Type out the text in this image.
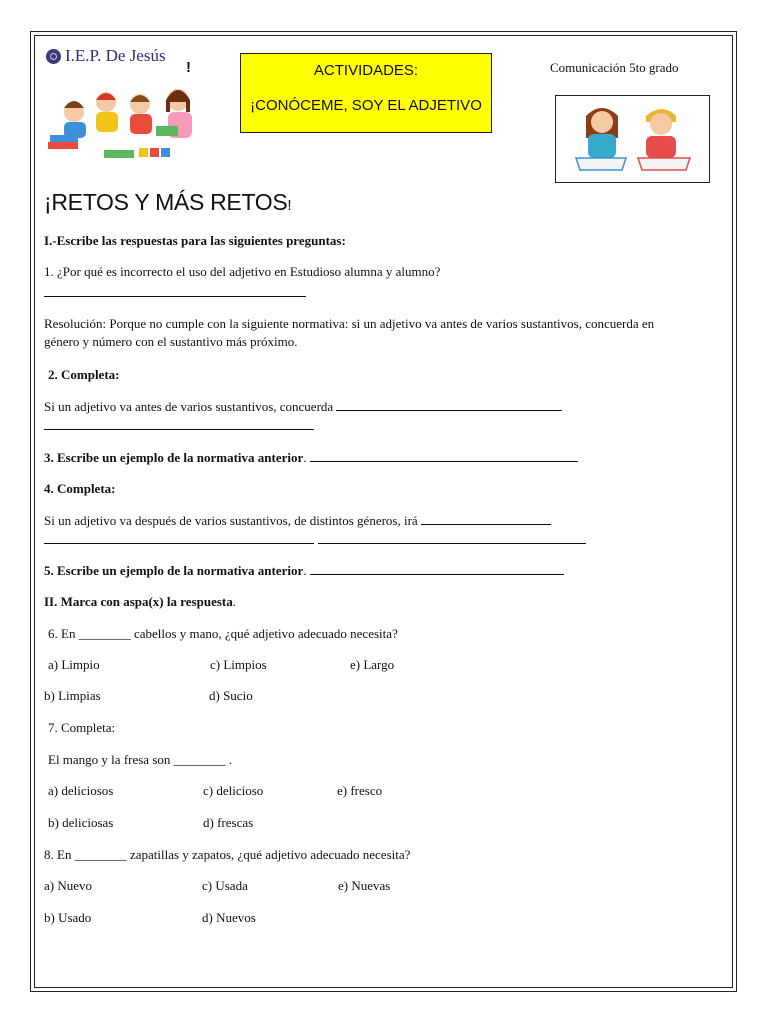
I.E.P. De Jesús
!	ACTIVIDADES:
¡CONÓCEME, SOY EL ADJETIVO
Comunicación 5to grado
¡RETOS Y MÁS RETOS!
I.-Escribe las respuestas para las siguientes preguntas:
1. ¿Por qué es incorrecto el uso del adjetivo en Estudioso alumna y alumno?
Resolución: Porque no cumple con la siguiente normativa: si un adjetivo va antes de varios sustantivos, concuerda en
género y número con el sustantivo más próximo.
2. Completa:
Si un adjetivo va antes de varios sustantivos, concuerda
3. Escribe un ejemplo de la normativa anterior.
4. Completa:
Si un adjetivo va después de varios sustantivos, de distintos géneros, irá
5. Escribe un ejemplo de la normativa anterior.
II. Marca con aspa(x) la respuesta.
6. En ________ cabellos y mano, ¿qué adjetivo adecuado necesita?
a) Limpio	c) Limpios	e) Largo
b) Limpias	d) Sucio
7. Completa:
El mango y la fresa son ________ .
a) deliciosos	c) delicioso	e) fresco
b) deliciosas	d) frescas
8. En ________ zapatillas y zapatos, ¿qué adjetivo adecuado necesita?
a) Nuevo	c) Usada	e) Nuevas
b) Usado	d) Nuevos
